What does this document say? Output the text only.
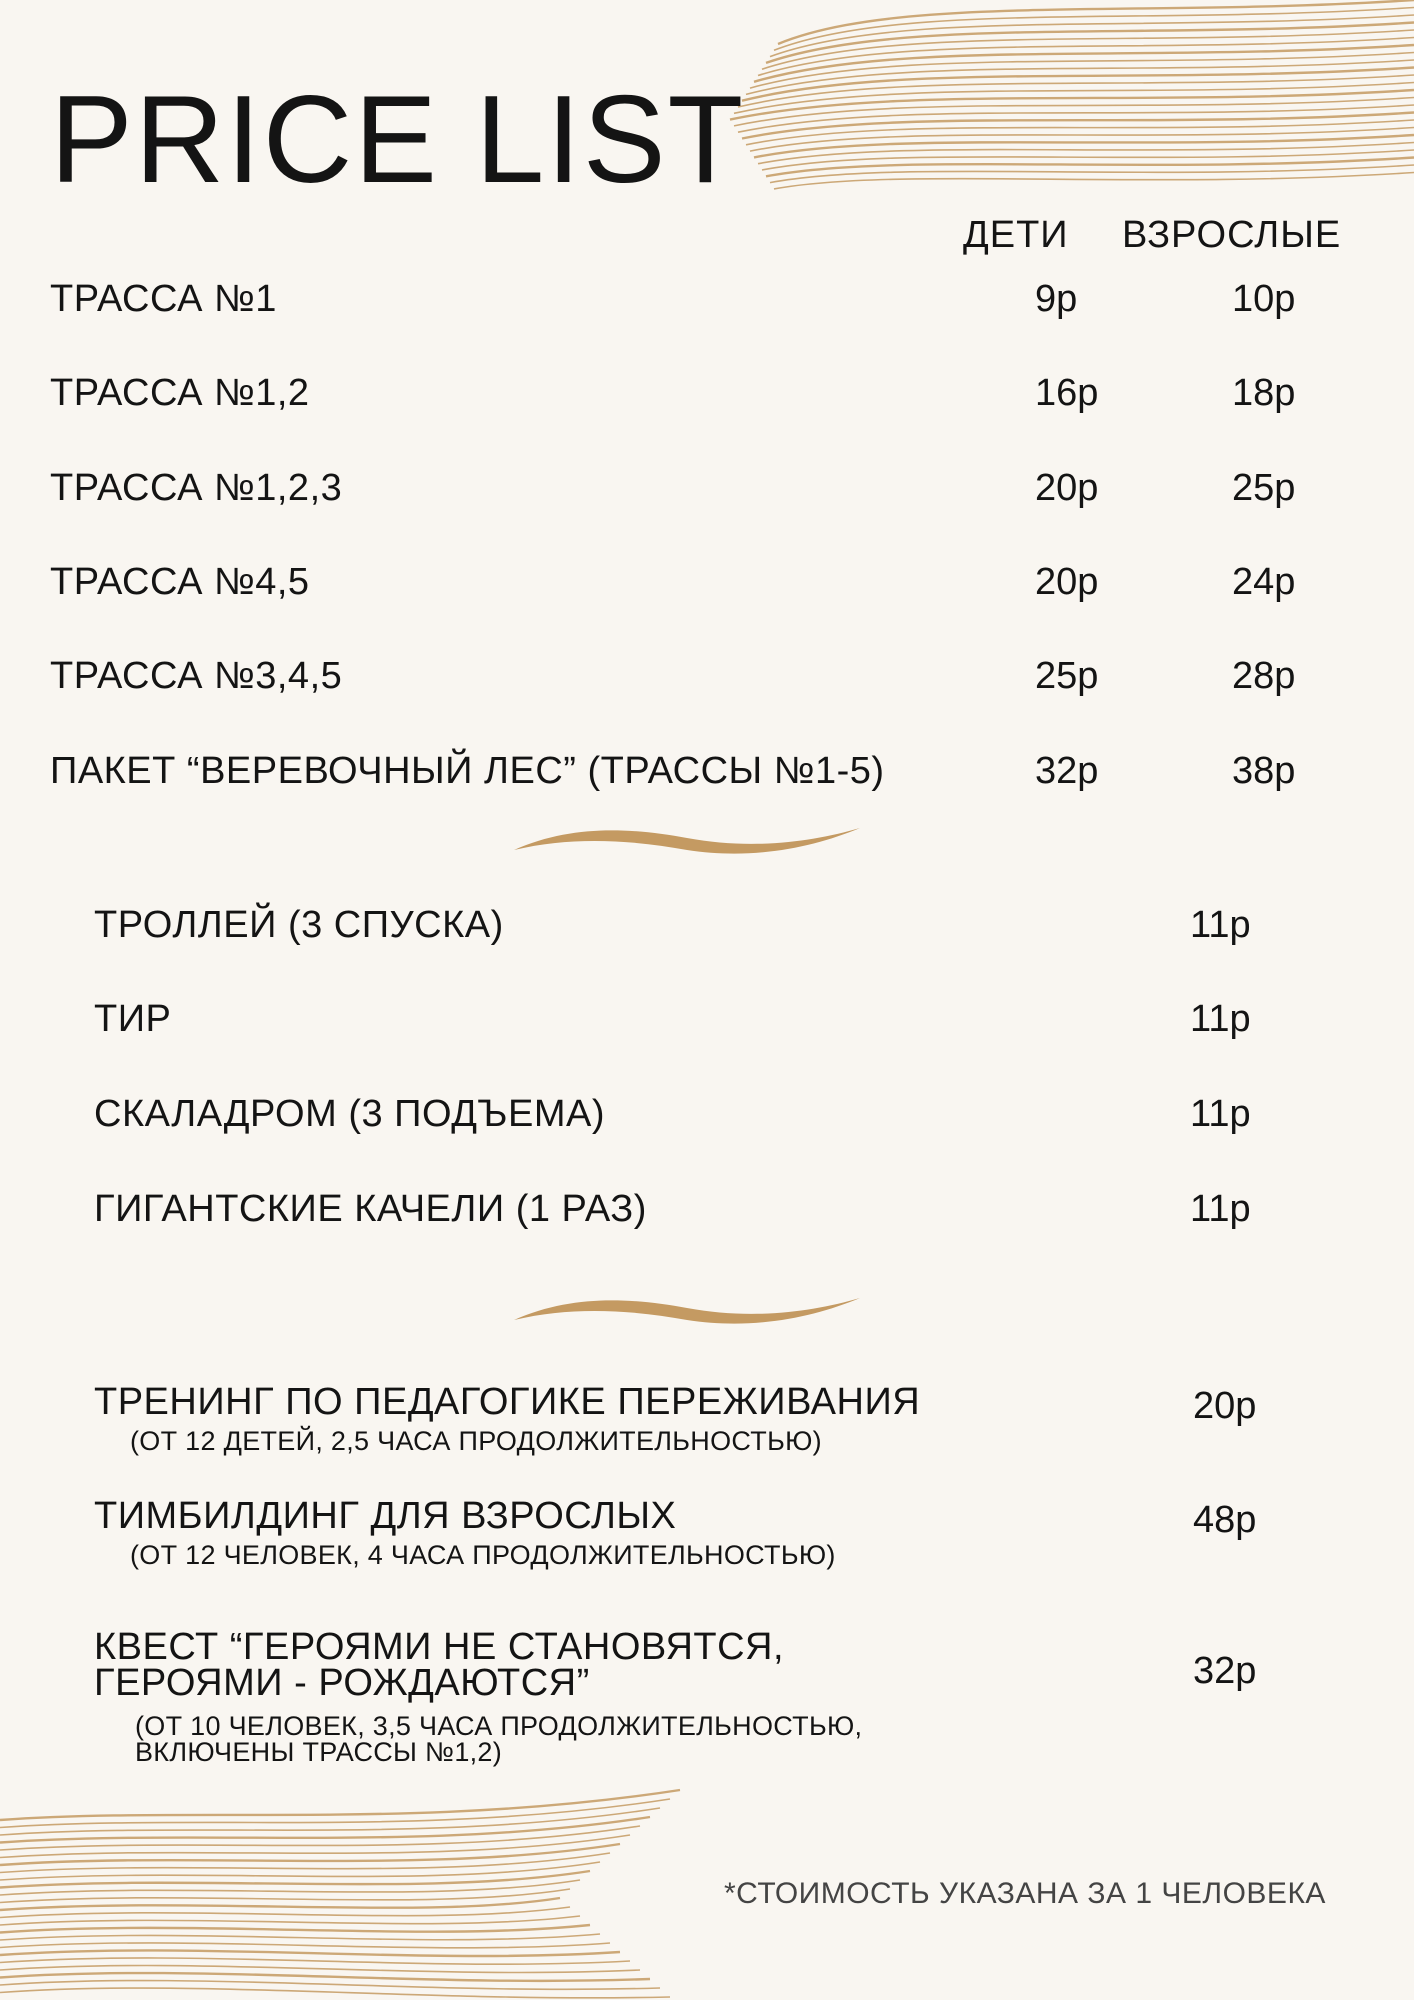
PRICE LIST
ДЕТИ ВЗРОСЛЫЕ
ТРАССА №1	9р	10р
ТРАССА №1,2	16р	18р
ТРАССА №1,2,3	20р	25р
ТРАССА №4,5	20р	24р
ТРАССА №3,4,5	25р	28р
ПАКЕТ “ВЕРЕВОЧНЫЙ ЛЕС” (ТРАССЫ №1-5)	32р	38р
ТРОЛЛЕЙ (3 СПУСКА)	11р
ТИР	11р
СКАЛАДРОМ (3 ПОДЪЕМА)	11р
ГИГАНТСКИЕ КАЧЕЛИ (1 РАЗ)	11р
ТРЕНИНГ ПО ПЕДАГОГИКЕ ПЕРЕЖИВАНИЯ
(ОТ 12 ДЕТЕЙ, 2,5 ЧАСА ПРОДОЛЖИТЕЛЬНОСТЬЮ)
20р
ТИМБИЛДИНГ ДЛЯ ВЗРОСЛЫХ
(ОТ 12 ЧЕЛОВЕК, 4 ЧАСА ПРОДОЛЖИТЕЛЬНОСТЬЮ)
48р
КВЕСТ “ГЕРОЯМИ НЕ СТАНОВЯТСЯ,
ГЕРОЯМИ - РОЖДАЮТСЯ”
(ОТ 10 ЧЕЛОВЕК, 3,5 ЧАСА ПРОДОЛЖИТЕЛЬНОСТЬЮ,
ВКЛЮЧЕНЫ ТРАССЫ №1,2)
32р
*СТОИМОСТЬ УКАЗАНА ЗА 1 ЧЕЛОВЕКА
